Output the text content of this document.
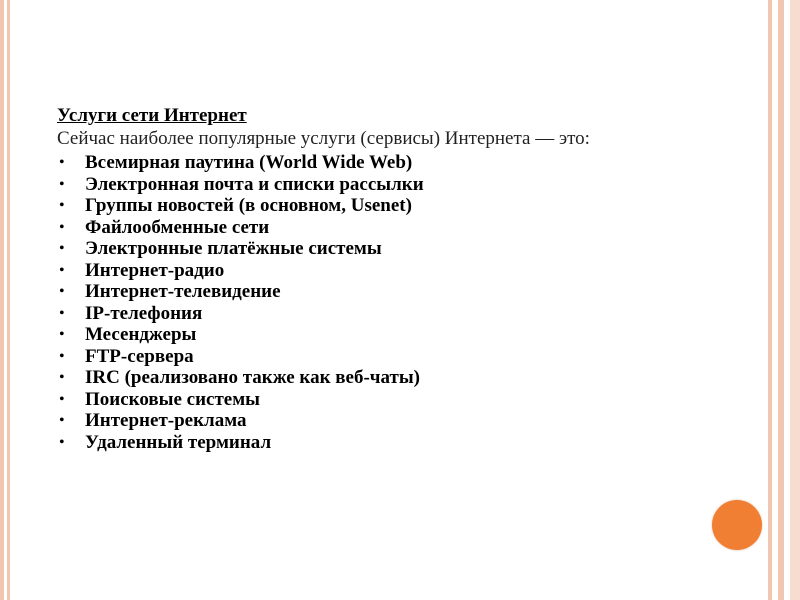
Услуги сети Интернет

Сейчас наиболее популярные услуги (сервисы) Интернета — это:

• Всемирная паутина (World Wide Web)
• Электронная почта и списки рассылки
• Группы новостей (в основном, Usenet)
• Файлообменные сети
• Электронные платёжные системы
• Интернет-радио
• Интернет-телевидение
• IP-телефония
• Месенджеры
• FTP-сервера
• IRC (реализовано также как веб-чаты)
• Поисковые системы
• Интернет-реклама
• Удаленный терминал
